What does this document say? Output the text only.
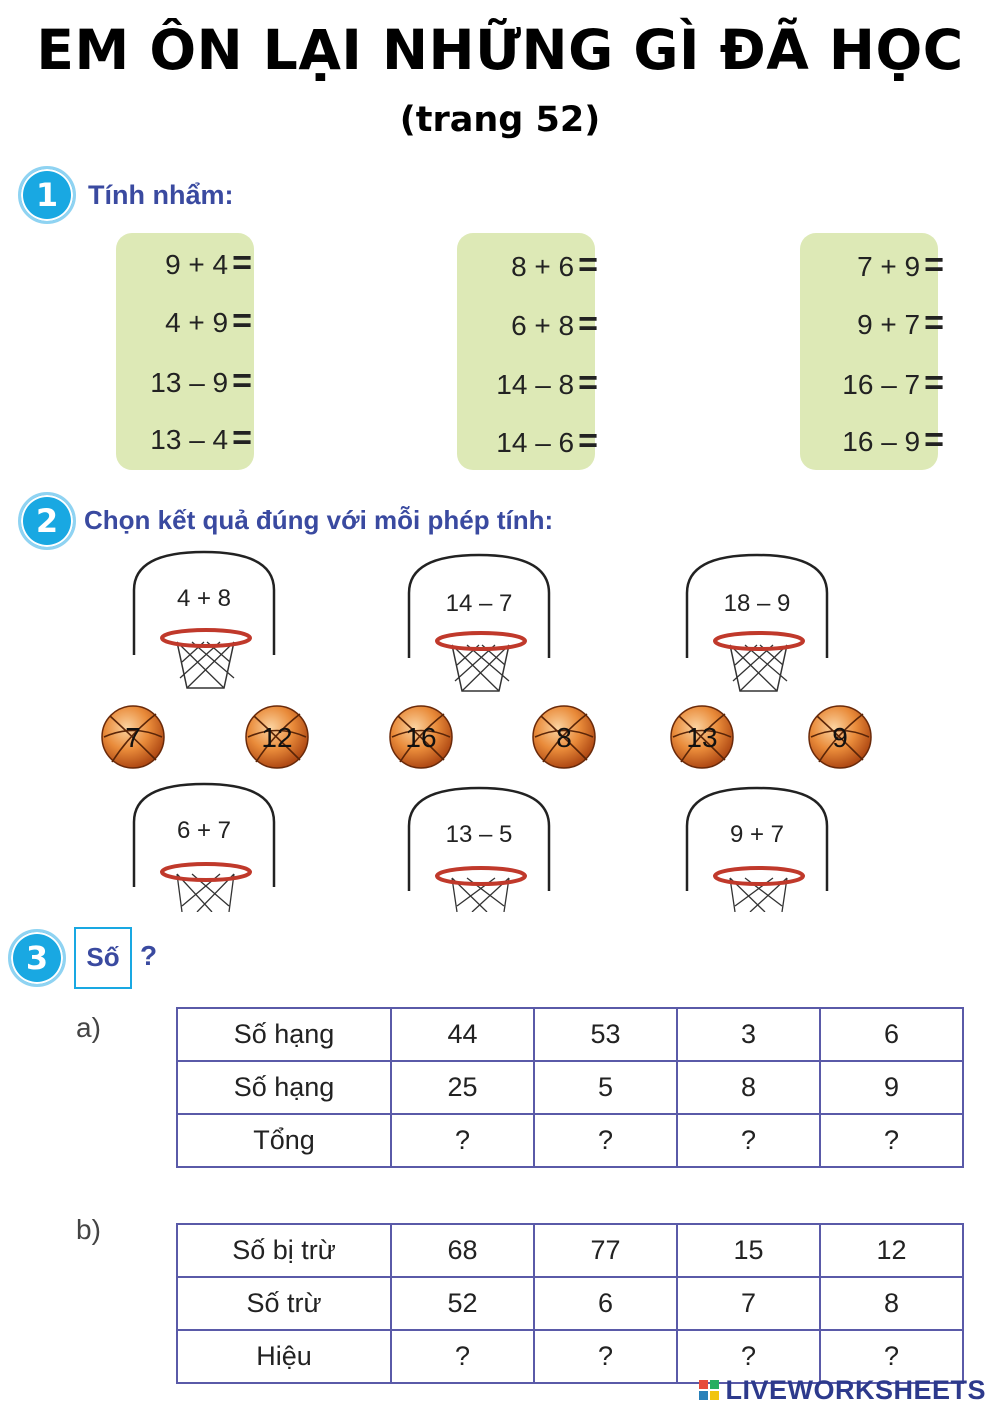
EM ÔN LẠI NHỮNG GÌ ĐÃ HỌC
(trang 52)
1	Tính nhẩm:
9 + 4 =
4 + 9 =
13 – 9 =
13 – 4 =
8 + 6 =
6 + 8 =
14 – 8 =
14 – 6 =
7 + 9 =
9 + 7 =
16 – 7 =
16 – 9 =
2 Chọn kết quả đúng với mỗi phép tính:
4 + 8	14 – 7	18 – 9
7	12	16	8	13	9
6 + 7	13 – 5	9 + 7
3	Số ?
a)	Số hạng	44	53	3	6
Số hạng	25	5	8	9
Tổng	?	?	?	?
b)
Số bị trừ	68	77	15	12
Số trừ	52	6	7	8
Hiệu	?	?	?	?
LIVEWORKSHEETS
